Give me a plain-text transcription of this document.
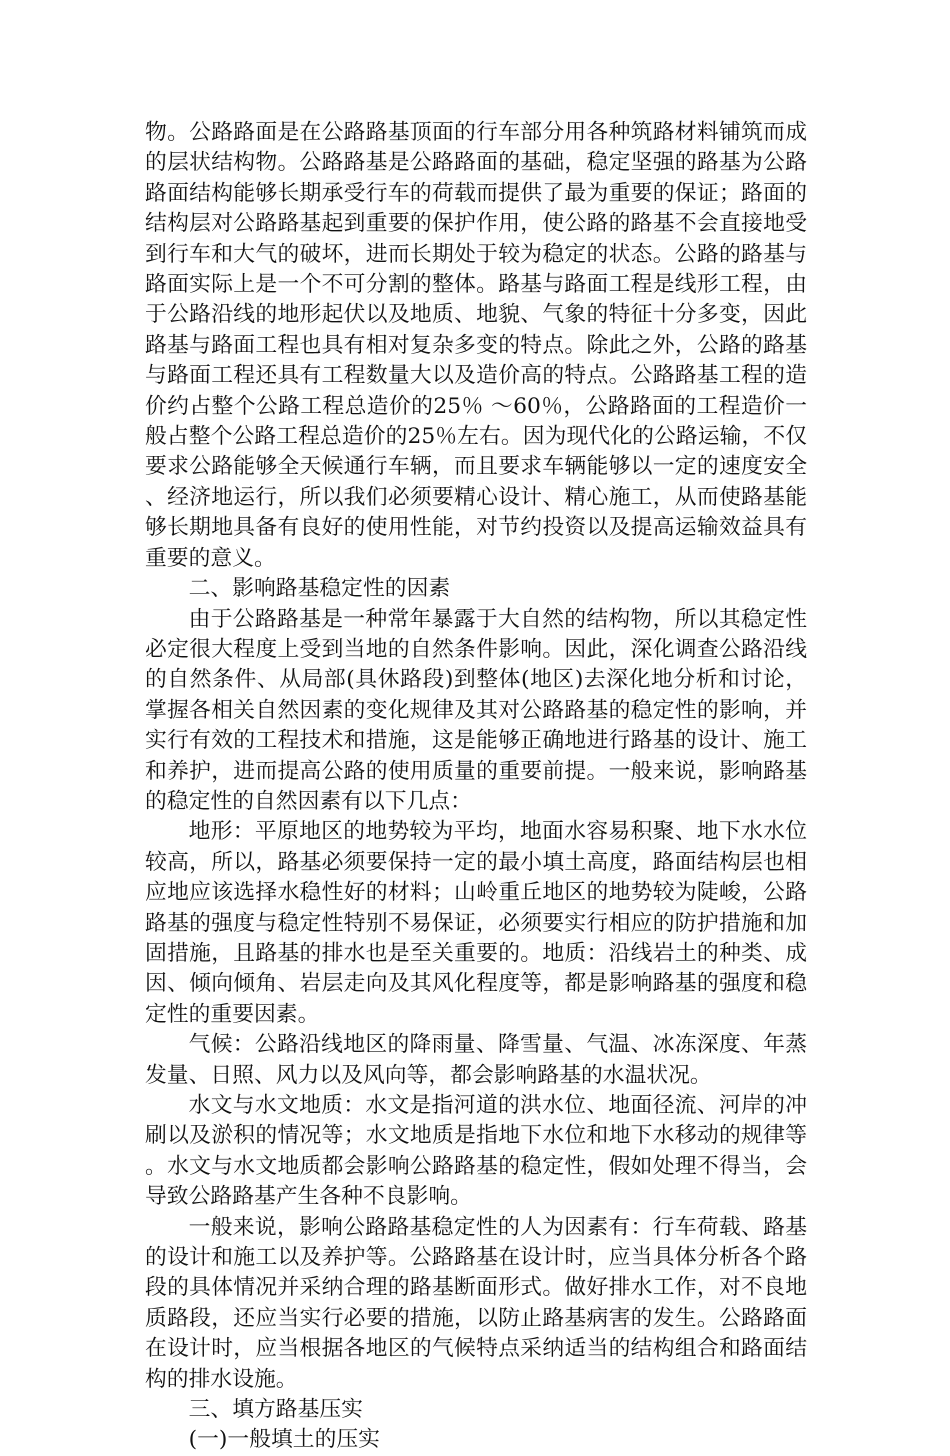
物。公路路面是在公路路基顶面的行车部分用各种筑路材料铺筑而成的层状结构物。公路路基是公路路面的基础，稳定坚强的路基为公路路面结构能够长期承受行车的荷载而提供了最为重要的保证；路面的结构层对公路路基起到重要的保护作用，使公路的路基不会直接地受到行车和大气的破坏，进而长期处于较为稳定的状态。公路的路基与路面实际上是一个不可分割的整体。路基与路面工程是线形工程，由于公路沿线的地形起伏以及地质、地貌、气象的特征十分多变，因此路基与路面工程也具有相对复杂多变的特点。除此之外，公路的路基与路面工程还具有工程数量大以及造价高的特点。公路路基工程的造价约占整个公路工程总造价的25％ ～60％，公路路面的工程造价一般占整个公路工程总造价的25％左右。因为现代化的公路运输，不仅要求公路能够全天候通行车辆，而且要求车辆能够以一定的速度安全、经济地运行，所以我们必须要精心设计、精心施工，从而使路基能够长期地具备有良好的使用性能，对节约投资以及提高运输效益具有重要的意义。

二、影响路基稳定性的因素

由于公路路基是一种常年暴露于大自然的结构物，所以其稳定性必定很大程度上受到当地的自然条件影响。因此，深化调查公路沿线的自然条件、从局部(具休路段)到整体(地区)去深化地分析和讨论，掌握各相关自然因素的变化规律及其对公路路基的稳定性的影响，并实行有效的工程技术和措施，这是能够正确地进行路基的设计、施工和养护，进而提高公路的使用质量的重要前提。一般来说，影响路基的稳定性的自然因素有以下几点：

地形：平原地区的地势较为平均，地面水容易积聚、地下水水位较高，所以，路基必须要保持一定的最小填土高度，路面结构层也相应地应该选择水稳性好的材料；山岭重丘地区的地势较为陡峻，公路路基的强度与稳定性特别不易保证，必须要实行相应的防护措施和加固措施，且路基的排水也是至关重要的。地质：沿线岩土的种类、成因、倾向倾角、岩层走向及其风化程度等，都是影响路基的强度和稳定性的重要因素。

气候：公路沿线地区的降雨量、降雪量、气温、冰冻深度、年蒸发量、日照、风力以及风向等，都会影响路基的水温状况。

水文与水文地质：水文是指河道的洪水位、地面径流、河岸的冲刷以及淤积的情况等；水文地质是指地下水位和地下水移动的规律等。水文与水文地质都会影响公路路基的稳定性，假如处理不得当，会导致公路路基产生各种不良影响。

一般来说，影响公路路基稳定性的人为因素有：行车荷载、路基的设计和施工以及养护等。公路路基在设计时，应当具体分析各个路段的具体情况并采纳合理的路基断面形式。做好排水工作，对不良地质路段，还应当实行必要的措施，以防止路基病害的发生。公路路面在设计时，应当根据各地区的气候特点采纳适当的结构组合和路面结构的排水设施。

三、填方路基压实

(一)一般填土的压实
